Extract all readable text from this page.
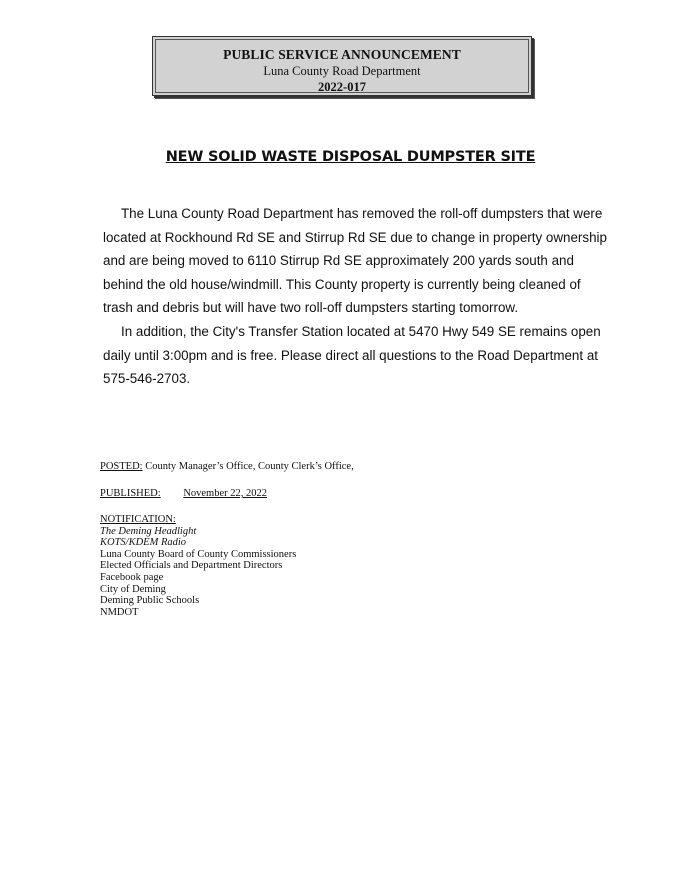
PUBLIC SERVICE ANNOUNCEMENT
Luna County Road Department
2022-017
NEW SOLID WASTE DISPOSAL DUMPSTER SITE

The Luna County Road Department has removed the roll-off dumpsters that were located at Rockhound Rd SE and Stirrup Rd SE due to change in property ownership and are being moved to 6110 Stirrup Rd SE approximately 200 yards south and behind the old house/windmill. This County property is currently being cleaned of trash and debris but will have two roll-off dumpsters starting tomorrow.

In addition, the City's Transfer Station located at 5470 Hwy 549 SE remains open daily until 3:00pm and is free. Please direct all questions to the Road Department at 575-546-2703.

POSTED: County Manager’s Office, County Clerk’s Office,
PUBLISHED: November 22, 2022
NOTIFICATION:
The Deming Headlight
KOTS/KDEM Radio
Luna County Board of County Commissioners
Elected Officials and Department Directors
Facebook page
City of Deming
Deming Public Schools
NMDOT
